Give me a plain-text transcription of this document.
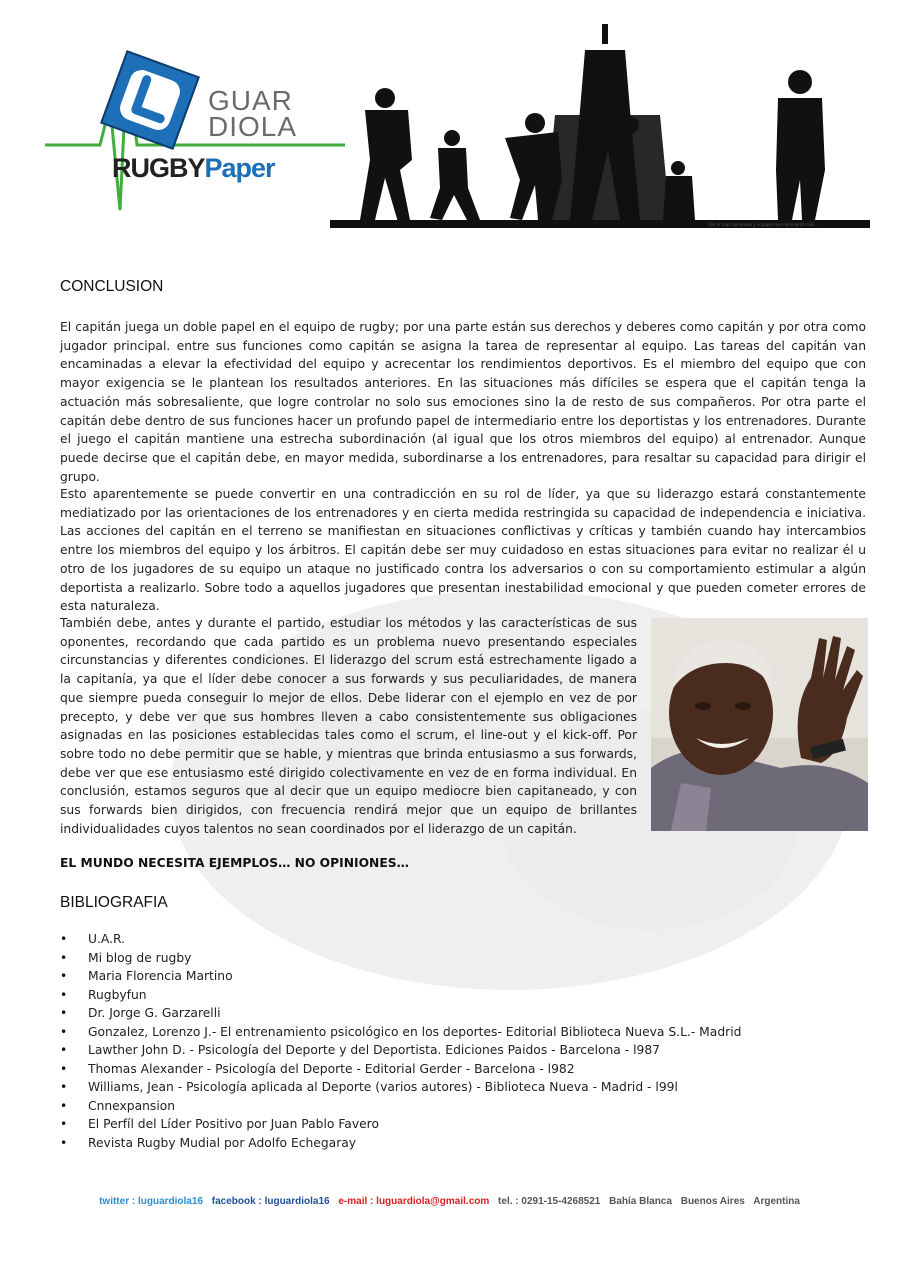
GUAR
DIOLA
RUGBYPaper
Usó el traje apropiado y el papel que representó solo...
CONCLUSION
El capitán juega un doble papel en el equipo de rugby; por una parte están sus derechos y deberes como capitán y por otra como jugador principal. entre sus funciones como capitán se asigna la tarea de representar al equipo. Las tareas del capitán van encaminadas a elevar la efectividad del equipo y acrecentar los rendimientos deportivos. Es el miembro del equipo que con mayor exigencia se le plantean los resultados anteriores. En las situaciones más difíciles se espera que el capitán tenga la actuación más sobresaliente, que logre controlar no solo sus emociones sino la de resto de sus compañeros. Por otra parte el capitán debe dentro de sus funciones hacer un profundo papel de intermediario entre los deportistas y los entrenadores. Durante el juego el capitán mantiene una estrecha subordinación (al igual que los otros miembros del equipo) al entrenador. Aunque puede decirse que el capitán debe, en mayor medida, subordinarse a los entrenadores, para resaltar su capacidad para dirigir el grupo.
Esto aparentemente se puede convertir en una contradicción en su rol de líder, ya que su liderazgo estará constantemente mediatizado por las orientaciones de los entrenadores y en cierta medida restringida su capacidad de independencia e iniciativa. Las acciones del capitán en el terreno se manifiestan en situaciones conflictivas y críticas y también cuando hay intercambios entre los miembros del equipo y los árbitros. El capitán debe ser muy cuidadoso en estas situaciones para evitar no realizar él u otro de los jugadores de su equipo un ataque no justificado contra los adversarios o con su comportamiento estimular a algún deportista a realizarlo. Sobre todo a aquellos jugadores que presentan inestabilidad emocional y que pueden cometer errores de esta naturaleza.
También debe, antes y durante el partido, estudiar los métodos y las características de sus oponentes, recordando que cada partido es un problema nuevo presentando especiales circunstancias y diferentes condiciones. El liderazgo del scrum está estrechamente ligado a la capitanía, ya que el líder debe conocer a sus forwards y sus peculiaridades, de manera que siempre pueda conseguir lo mejor de ellos. Debe liderar con el ejemplo en vez de por precepto, y debe ver que sus hombres lleven a cabo consistentemente sus obligaciones asignadas en las posiciones establecidas tales como el scrum, el line-out y el kick-off. Por sobre todo no debe permitir que se hable, y mientras que brinda entusiasmo a sus forwards, debe ver que ese entusiasmo esté dirigido colectivamente en vez de en forma individual. En conclusión, estamos seguros que al decir que un equipo mediocre bien capitaneado, y con sus forwards bien dirigidos, con frecuencia rendirá mejor que un equipo de brillantes individualidades cuyos talentos no sean coordinados por el liderazgo de un capitán.
EL MUNDO NECESITA EJEMPLOS… NO OPINIONES…
BIBLIOGRAFIA
• U.A.R.
• Mi blog de rugby
• Maria Florencia Martino
• Rugbyfun
• Dr. Jorge G. Garzarelli
• Gonzalez, Lorenzo J.- El entrenamiento psicológico en los deportes- Editorial Biblioteca Nueva S.L.- Madrid
• Lawther John D. - Psicología del Deporte y del Deportista. Ediciones Paidos - Barcelona - l987
• Thomas Alexander - Psicología del Deporte - Editorial Gerder - Barcelona - l982
• Williams, Jean - Psicología aplicada al Deporte (varios autores) - Biblioteca Nueva - Madrid - l99l
• Cnnexpansion
• El Perfíl del Líder Positivo por Juan Pablo Favero
• Revista Rugby Mudial por Adolfo Echegaray
twitter : luguardiola16 facebook : luguardiola16 e-mail : luguardiola@gmail.com tel. : 0291-15-4268521 Bahía Blanca Buenos Aires Argentina
